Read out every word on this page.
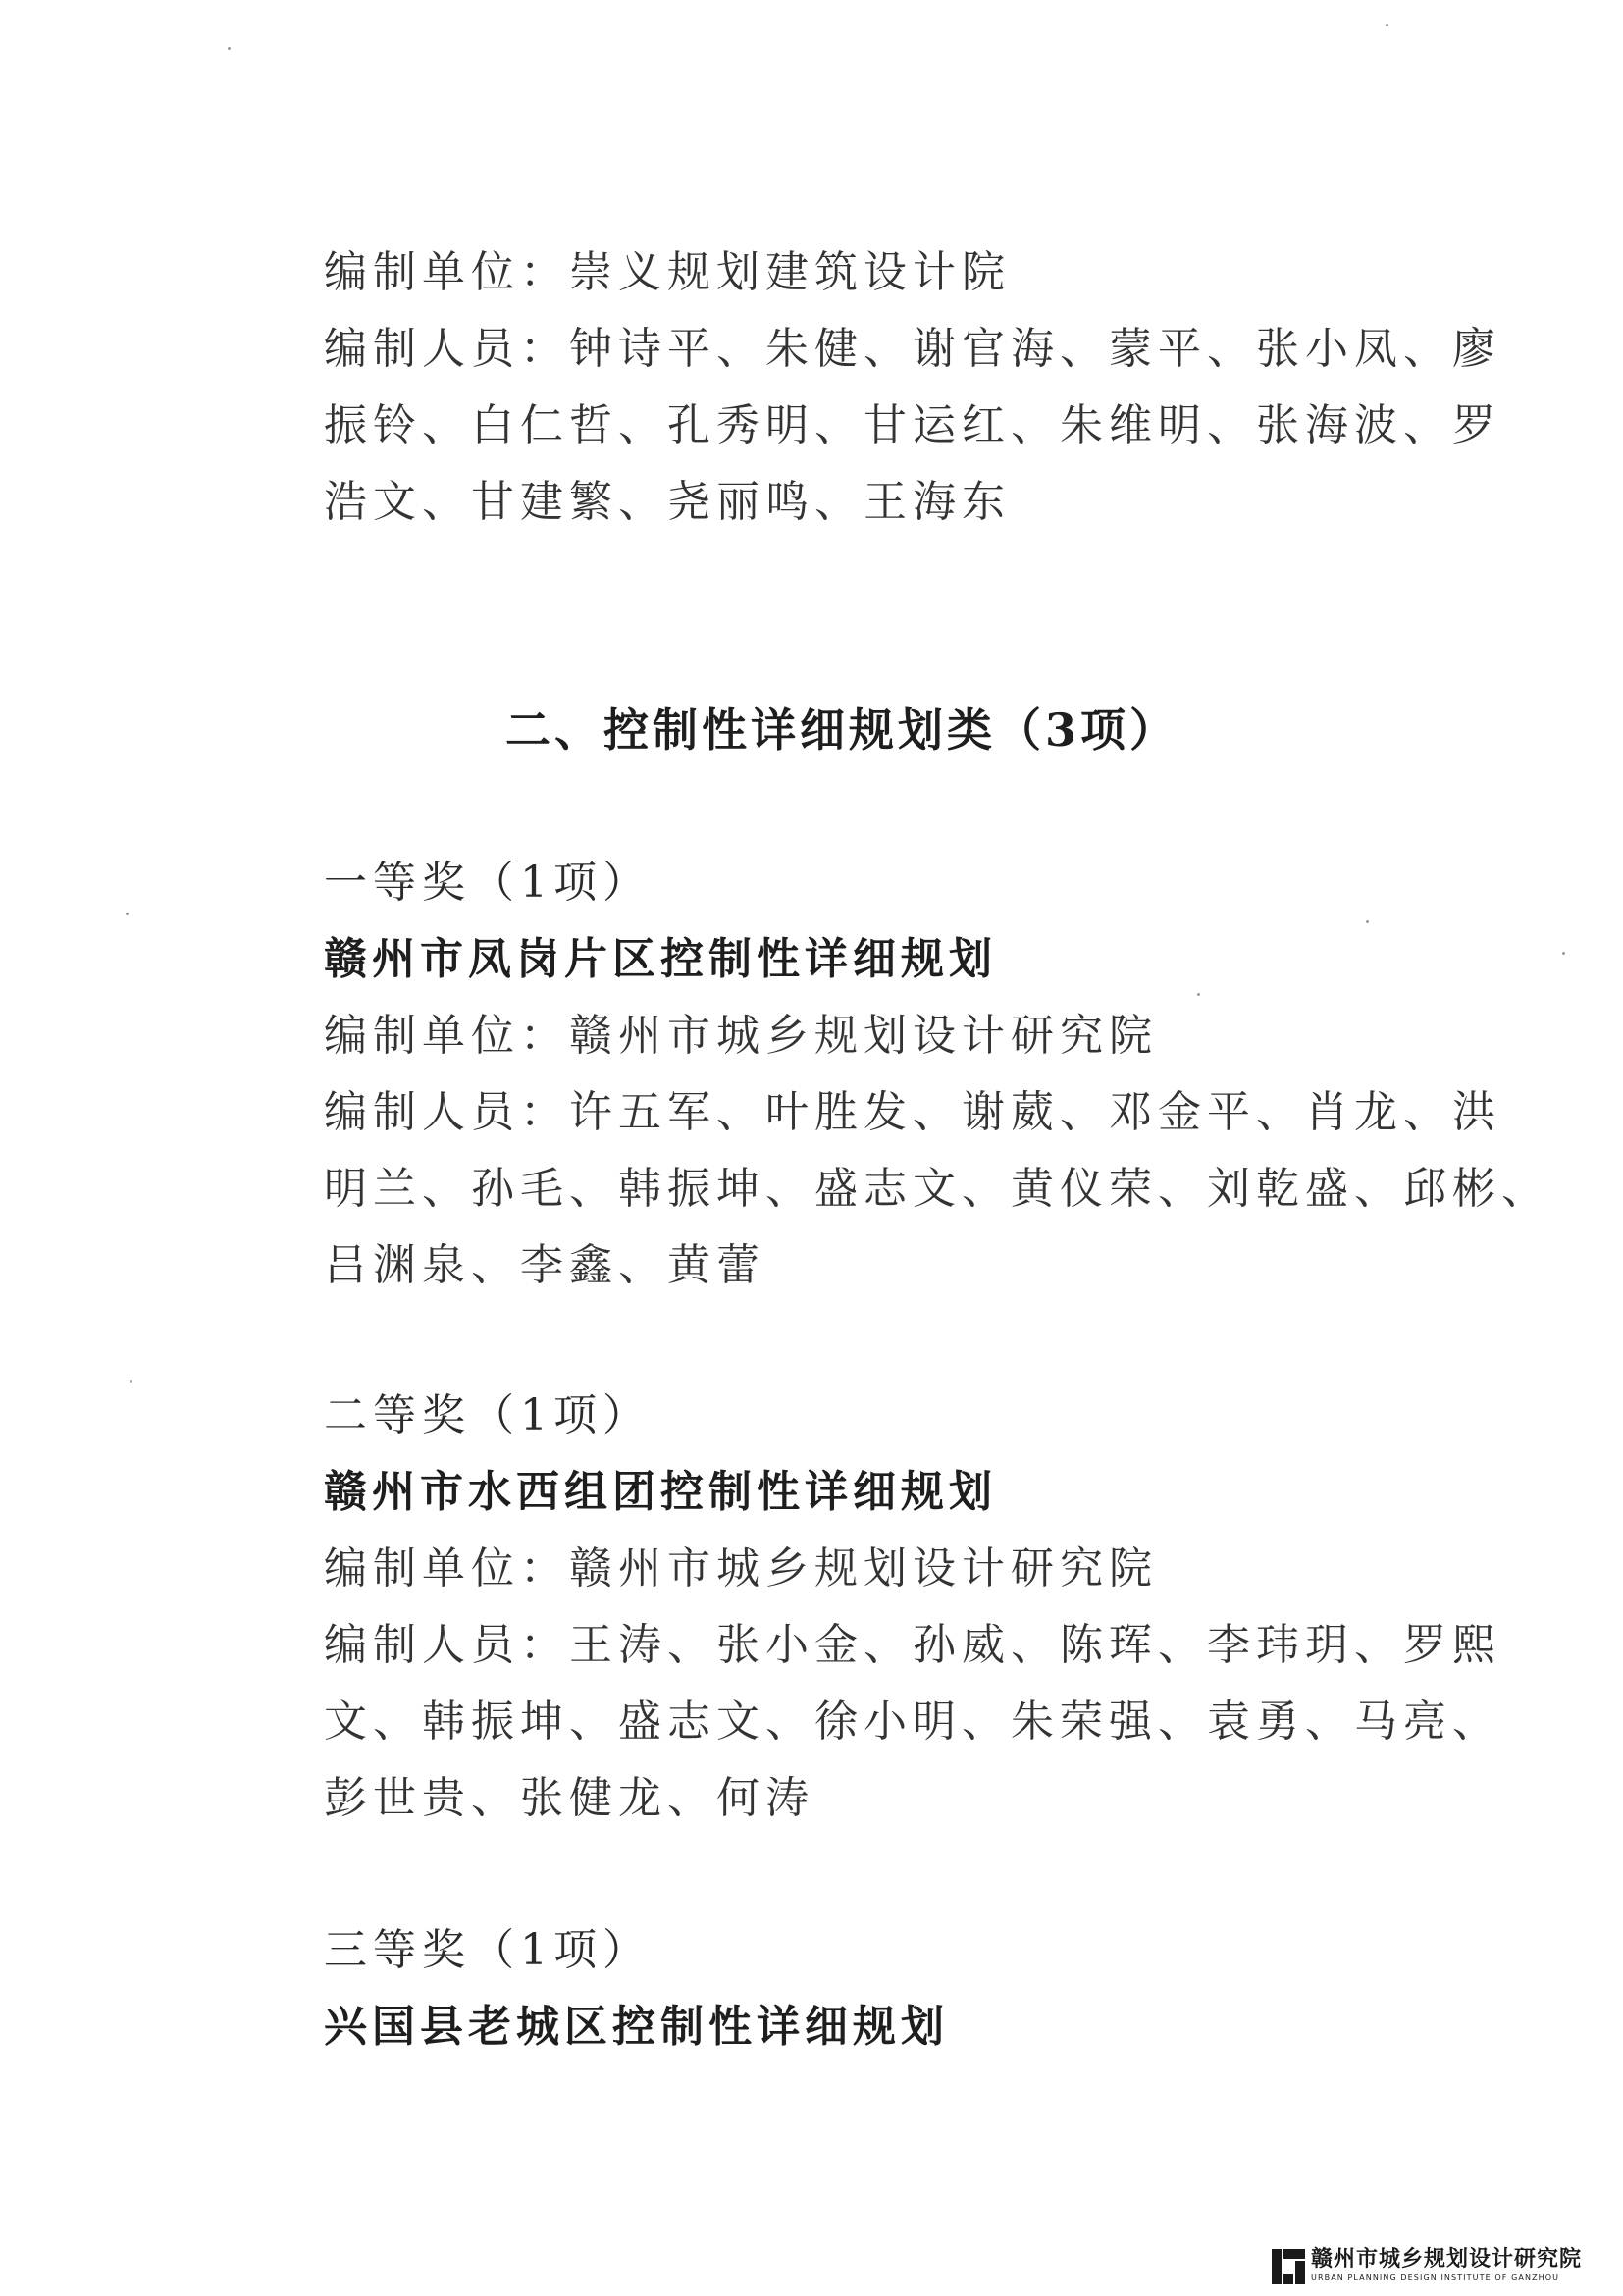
编制单位：崇义规划建筑设计院
编制人员：钟诗平、朱健、谢官海、蒙平、张小凤、廖
振铃、白仁哲、孔秀明、甘运红、朱维明、张海波、罗
浩文、甘建繁、尧丽鸣、王海东
二、控制性详细规划类（3项）
一等奖（1项）
赣州市凤岗片区控制性详细规划
编制单位：赣州市城乡规划设计研究院
编制人员：许五军、叶胜发、谢葳、邓金平、肖龙、洪
明兰、孙毛、韩振坤、盛志文、黄仪荣、刘乾盛、邱彬、
吕渊泉、李鑫、黄蕾
二等奖（1项）
赣州市水西组团控制性详细规划
编制单位：赣州市城乡规划设计研究院
编制人员：王涛、张小金、孙威、陈珲、李玮玥、罗熙
文、韩振坤、盛志文、徐小明、朱荣强、袁勇、马亮、
彭世贵、张健龙、何涛
三等奖（1项）
兴国县老城区控制性详细规划
赣州市城乡规划设计研究院
URBAN PLANNING DESIGN INSTITUTE OF GANZHOU
